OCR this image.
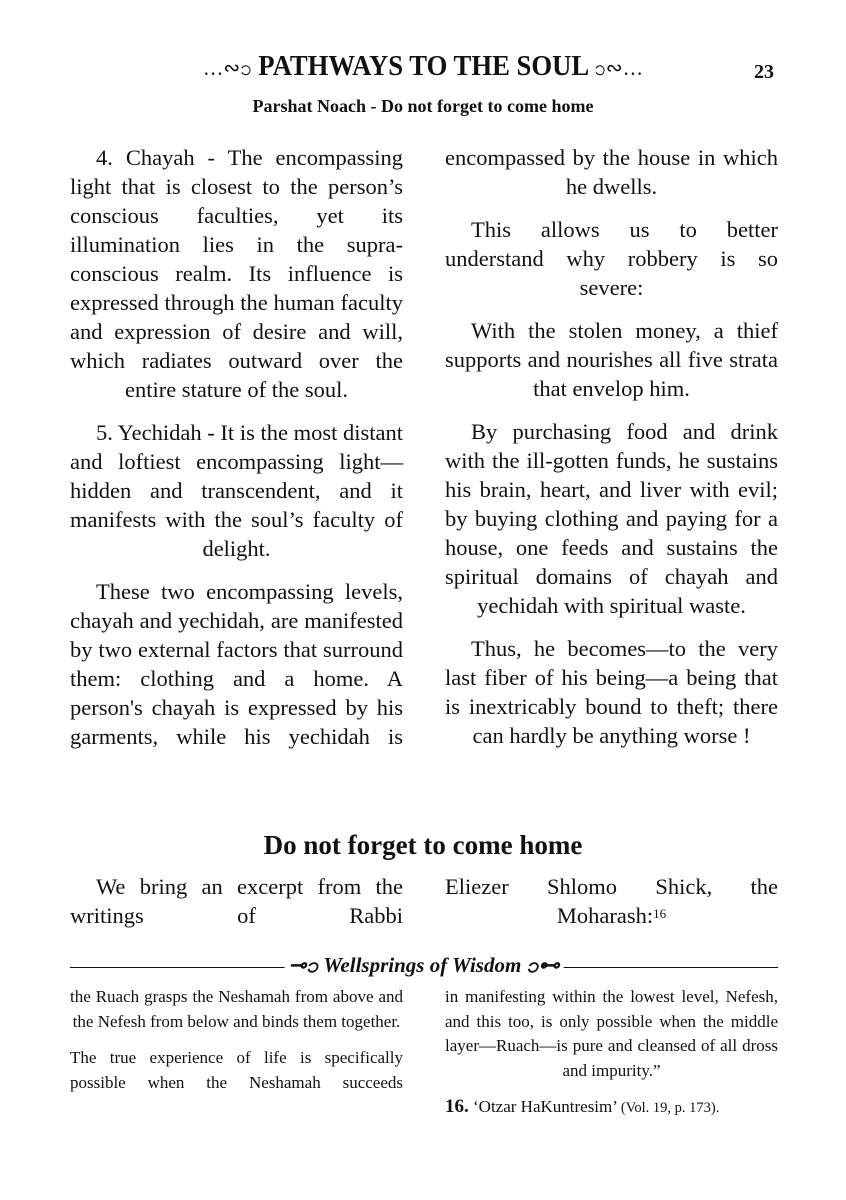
…∾ၥ PATHWAYS TO THE SOUL ၥ∾…	23
Parshat Noach - Do not forget to come home

4. Chayah - The encompassing light that is closest to the person’s conscious faculties, yet its illumination lies in the supra-conscious realm. Its influence is expressed through the human faculty and expression of desire and will, which radiates outward over the entire stature of the soul.

5. Yechidah - It is the most distant and loftiest encompassing light—hidden and transcendent, and it manifests with the soul’s faculty of delight.

These two encompassing levels, chayah and yechidah, are manifested by two external factors that surround them: clothing and a home. A person's chayah is expressed by his garments, while his yechidah is

encompassed by the house in which he dwells.

This allows us to better understand why robbery is so severe:

With the stolen money, a thief supports and nourishes all five strata that envelop him.

By purchasing food and drink with the ill-gotten funds, he sustains his brain, heart, and liver with evil; by buying clothing and paying for a house, one feeds and sustains the spiritual domains of chayah and yechidah with spiritual waste.

Thus, he becomes—to the very last fiber of his being—a being that is inextricably bound to theft; there can hardly be anything worse !

Do not forget to come home

We bring an excerpt from the writings of Rabbi

Eliezer Shlomo Shick, the Moharash:$^{16}$

⊸ၥ Wellsprings of Wisdom ၥ⊷

the Ruach grasps the Neshamah from above and the Nefesh from below and binds them together.

The true experience of life is specifically possible when the Neshamah succeeds

in manifesting within the lowest level, Nefesh, and this too, is only possible when the middle layer—Ruach—is pure and cleansed of all dross and impurity.”

16. ‘Otzar HaKuntresim’ (Vol. 19, p. 173).
